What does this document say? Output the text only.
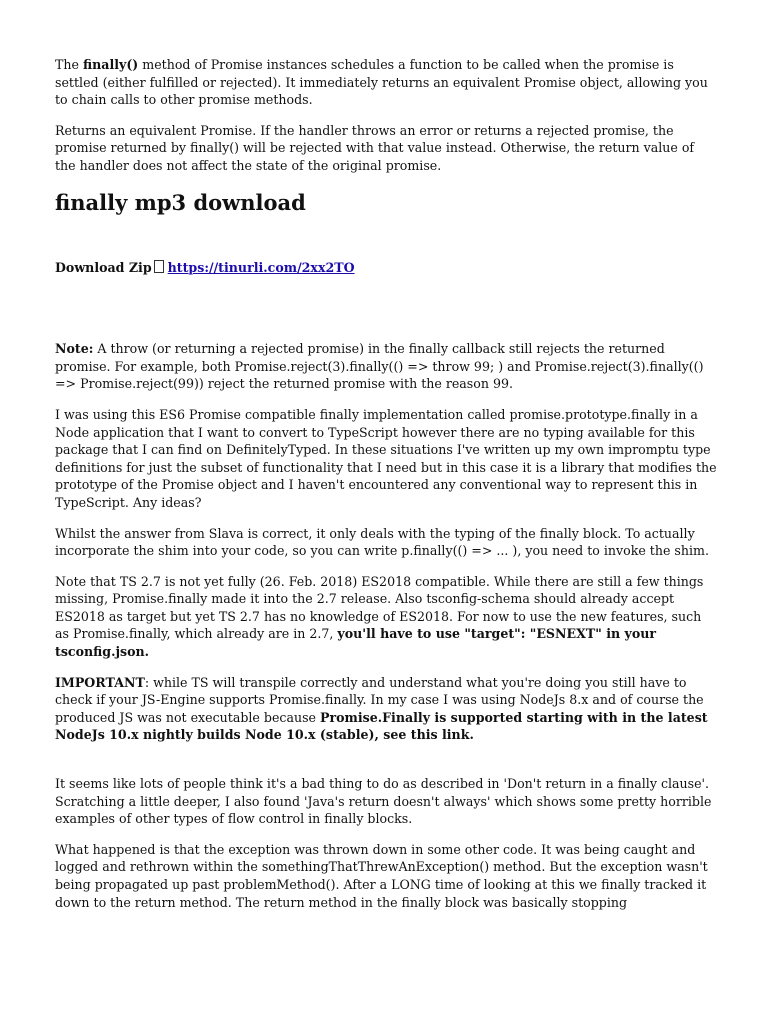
The finally() method of Promise instances schedules a function to be called when the promise is settled (either fulfilled or rejected). It immediately returns an equivalent Promise object, allowing you to chain calls to other promise methods.

Returns an equivalent Promise. If the handler throws an error or returns a rejected promise, the promise returned by finally() will be rejected with that value instead. Otherwise, the return value of the handler does not affect the state of the original promise.

finally mp3 download

Download Zip https://tinurli.com/2xx2TO

Note: A throw (or returning a rejected promise) in the finally callback still rejects the returned promise. For example, both Promise.reject(3).finally(() => throw 99; ) and Promise.reject(3).finally(() => Promise.reject(99)) reject the returned promise with the reason 99.

I was using this ES6 Promise compatible finally implementation called promise.prototype.finally in a Node application that I want to convert to TypeScript however there are no typing available for this package that I can find on DefinitelyTyped. In these situations I've written up my own impromptu type definitions for just the subset of functionality that I need but in this case it is a library that modifies the prototype of the Promise object and I haven't encountered any conventional way to represent this in TypeScript. Any ideas?

Whilst the answer from Slava is correct, it only deals with the typing of the finally block. To actually incorporate the shim into your code, so you can write p.finally(() => ... ), you need to invoke the shim.

Note that TS 2.7 is not yet fully (26. Feb. 2018) ES2018 compatible. While there are still a few things missing, Promise.finally made it into the 2.7 release. Also tsconfig-schema should already accept ES2018 as target but yet TS 2.7 has no knowledge of ES2018. For now to use the new features, such as Promise.finally, which already are in 2.7, you'll have to use "target": "ESNEXT" in your tsconfig.json.

IMPORTANT: while TS will transpile correctly and understand what you're doing you still have to check if your JS-Engine supports Promise.finally. In my case I was using NodeJs 8.x and of course the produced JS was not executable because Promise.Finally is supported starting with in the latest NodeJs 10.x nightly builds Node 10.x (stable), see this link.

It seems like lots of people think it's a bad thing to do as described in 'Don't return in a finally clause'. Scratching a little deeper, I also found 'Java's return doesn't always' which shows some pretty horrible examples of other types of flow control in finally blocks.

What happened is that the exception was thrown down in some other code. It was being caught and logged and rethrown within the somethingThatThrewAnException() method. But the exception wasn't being propagated up past problemMethod(). After a LONG time of looking at this we finally tracked it down to the return method. The return method in the finally block was basically stopping
